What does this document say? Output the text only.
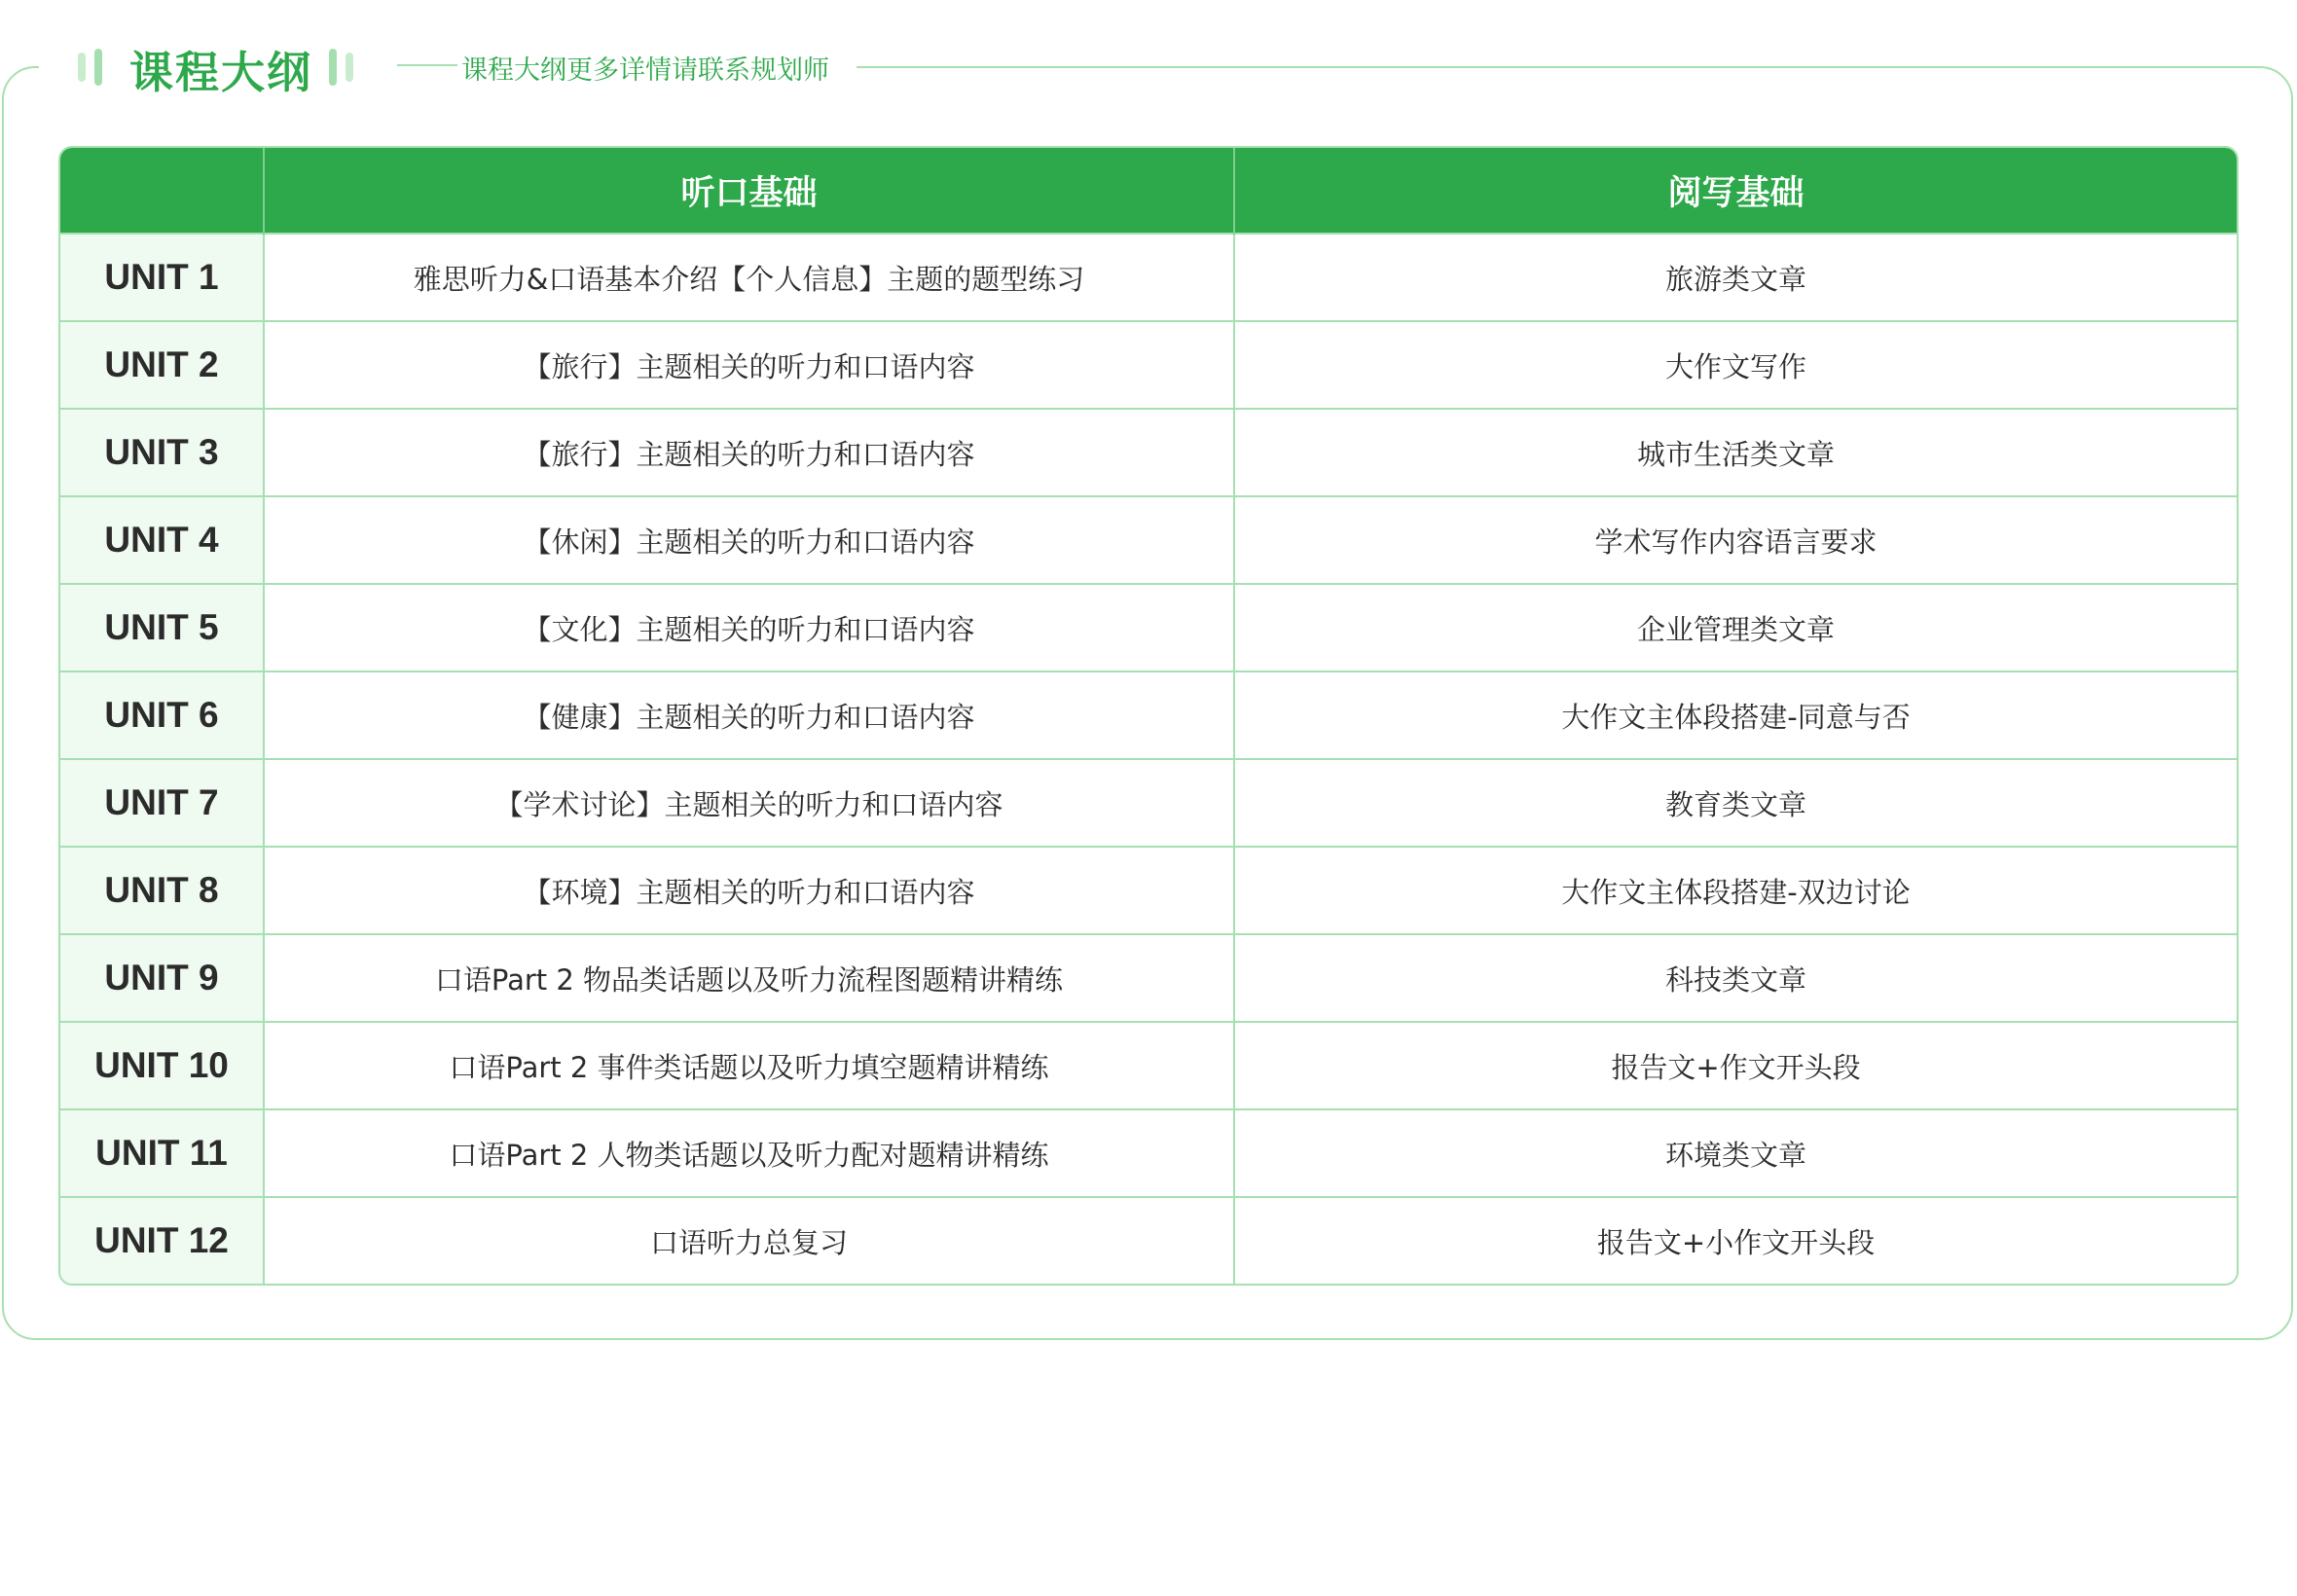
课程大纲	课程大纲更多详情请联系规划师
	听口基础	阅写基础
UNIT 1	雅思听力&口语基本介绍【个人信息】主题的题型练习	旅游类文章
UNIT 2	【旅行】主题相关的听力和口语内容	大作文写作
UNIT 3	【旅行】主题相关的听力和口语内容	城市生活类文章
UNIT 4	【休闲】主题相关的听力和口语内容	学术写作内容语言要求
UNIT 5	【文化】主题相关的听力和口语内容	企业管理类文章
UNIT 6	【健康】主题相关的听力和口语内容	大作文主体段搭建-同意与否
UNIT 7	【学术讨论】主题相关的听力和口语内容	教育类文章
UNIT 8	【环境】主题相关的听力和口语内容	大作文主体段搭建-双边讨论
UNIT 9	口语Part 2 物品类话题以及听力流程图题精讲精练	科技类文章
UNIT 10	口语Part 2 事件类话题以及听力填空题精讲精练	报告文+作文开头段
UNIT 11	口语Part 2 人物类话题以及听力配对题精讲精练	环境类文章
UNIT 12	口语听力总复习	报告文+小作文开头段
